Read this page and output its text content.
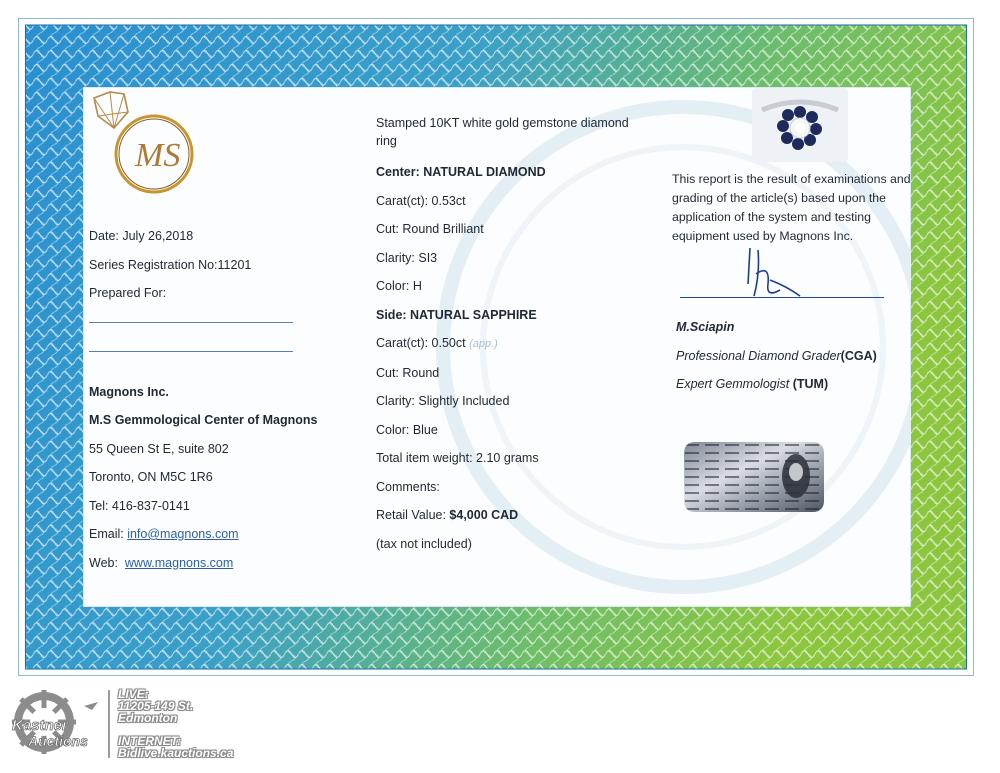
MS
Date: July 26,2018
Series Registration No:11201
Prepared For:
Magnons Inc.
M.S Gemmological Center of Magnons
55 Queen St E, suite 802
Toronto, ON M5C 1R6
Tel: 416-837-0141
Email: info@magnons.com
Web:  www.magnons.com
Stamped 10KT white gold gemstone diamond ring
Center: NATURAL DIAMOND
Carat(ct): 0.53ct
Cut: Round Brilliant
Clarity: SI3
Color: H
Side: NATURAL SAPPHIRE
Carat(ct): 0.50ct (app.)
Cut: Round
Clarity: Slightly Included
Color: Blue
Total item weight: 2.10 grams
Comments:
Retail Value: $4,000 CAD
(tax not included)
This report is the result of examinations and grading of the article(s) based upon the application of the system and testing equipment used by Magnons Inc.
M.Sciapin
Professional Diamond Grader(CGA)
Expert Gemmologist (TUM)
Kastner
Auctions
LIVE:
11205-149 St.
Edmonton
INTERNET:
Bidlive.kauctions.ca
